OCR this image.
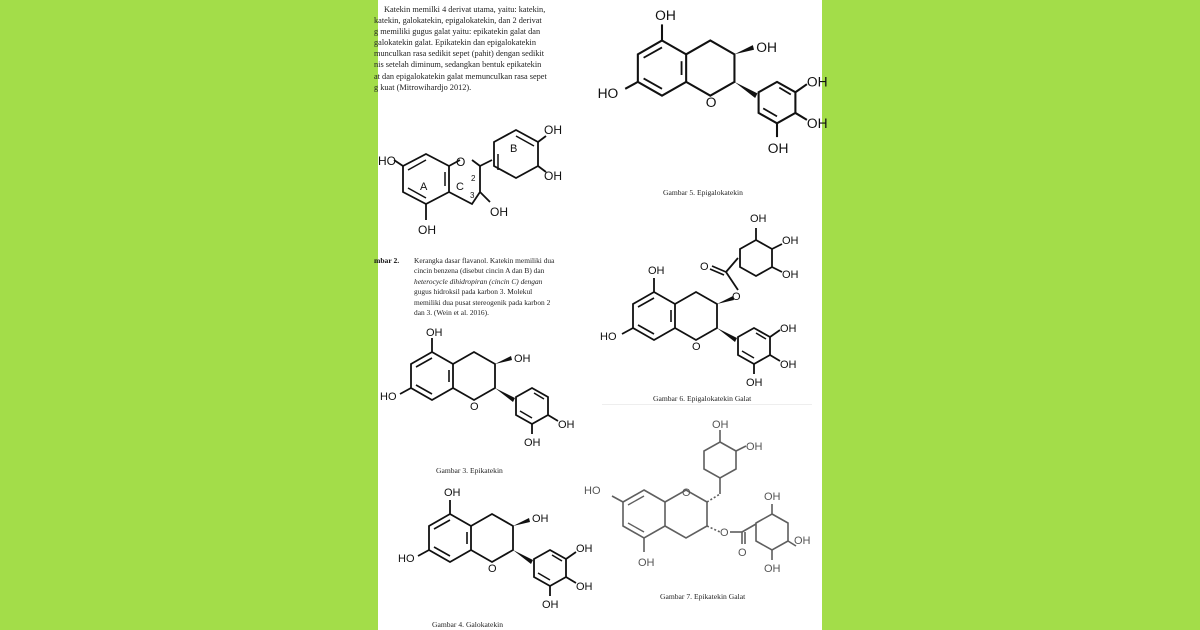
Katekin memilki 4 derivat utama, yaitu: katekin,
katekin, galokatekin, epigalokatekin, dan 2 derivat
g memiliki gugus galat yaitu: epikatekin galat dan
galokatekin galat. Epikatekin dan epigalokatekin
munculkan rasa sedikit sepet (pahit) dengan sedikit
nis setelah diminum, sedangkan bentuk epikatekin
at dan epigalokatekin galat memunculkan rasa sepet
g kuat (Mitrowihardjo 2012).
HO	O
OH
OH
OH
OH
A
B
C
2
3
mbar 2. Kerangka dasar flavanol. Katekin memiliki dua
cincin benzena (disebut cincin A dan B) dan
heterocycle dihidropiran (cincin C) dengan
gugus hidroksil pada karbon 3. Molekul
memiliki dua pusat stereogenik pada karbon 2
dan 3. (Wein et al. 2016).
OH
HO
O
OH
OH
OH
Gambar 3. Epikatekin
OH
HO
O
OH
OH
OH
OH
Gambar 4. Galokatekin
OH
HO
O
OH
OH
OH
OH
Gambar 5. Epigalokatekin
OH
HO
O
O
OH
OH
OH
O
OH
OH
OH
Gambar 6. Epigalokatekin Galat
HO	O
OH
O
O
OH
OH
OH
OH
OH
Gambar 7. Epikatekin Galat
